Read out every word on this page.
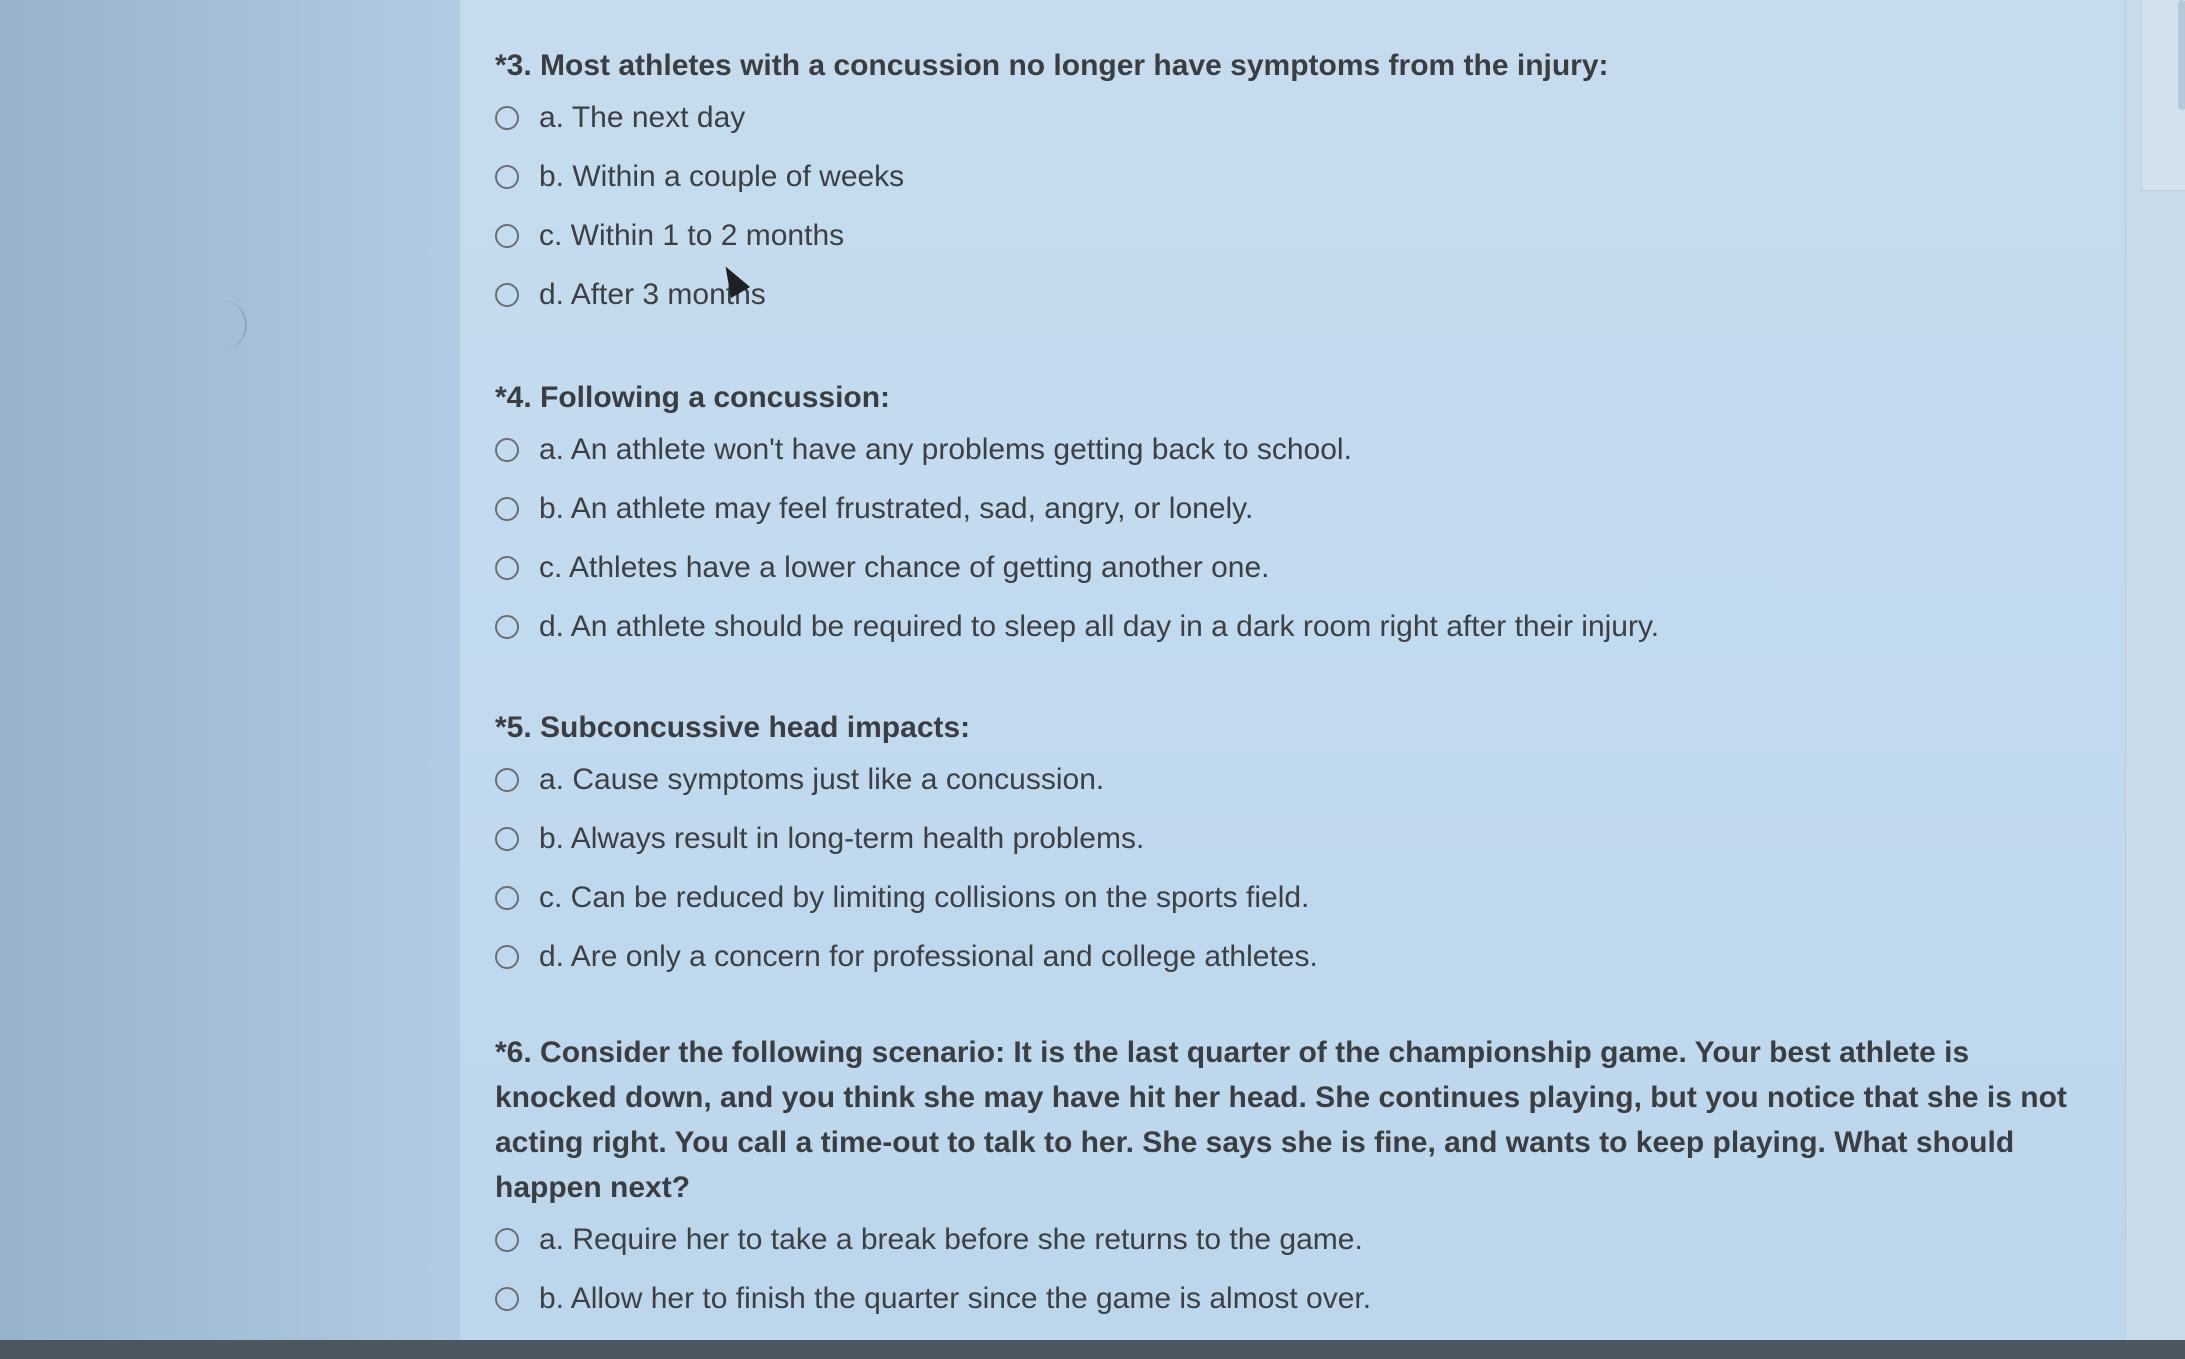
*3. Most athletes with a concussion no longer have symptoms from the injury:
a. The next day
b. Within a couple of weeks
c. Within 1 to 2 months
d. After 3 months
*4. Following a concussion:
a. An athlete won't have any problems getting back to school.
b. An athlete may feel frustrated, sad, angry, or lonely.
c. Athletes have a lower chance of getting another one.
d. An athlete should be required to sleep all day in a dark room right after their injury.
*5. Subconcussive head impacts:
a. Cause symptoms just like a concussion.
b. Always result in long-term health problems.
c. Can be reduced by limiting collisions on the sports field.
d. Are only a concern for professional and college athletes.
*6. Consider the following scenario: It is the last quarter of the championship game. Your best athlete is knocked down, and you think she may have hit her head. She continues playing, but you notice that she is not acting right. You call a time-out to talk to her. She says she is fine, and wants to keep playing. What should happen next?
a. Require her to take a break before she returns to the game.
b. Allow her to finish the quarter since the game is almost over.
